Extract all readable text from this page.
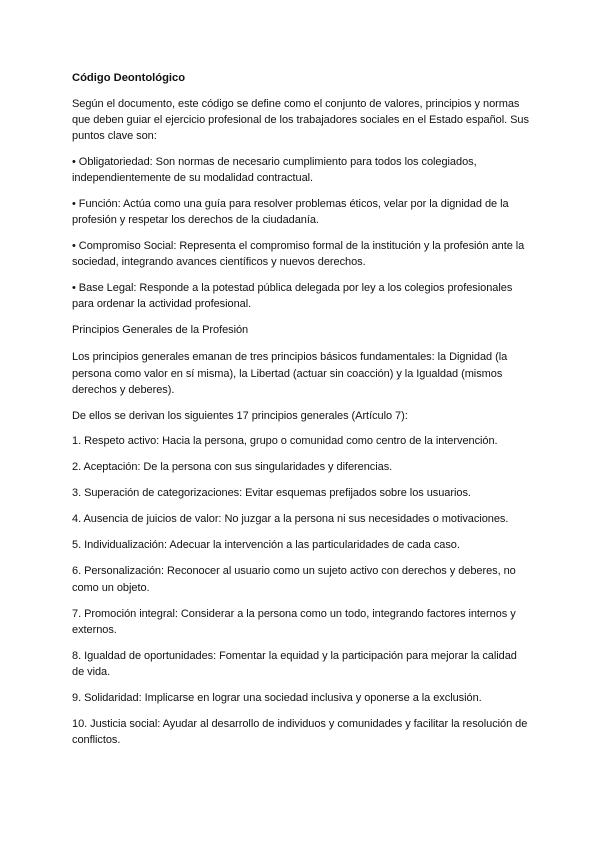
Código Deontológico

Según el documento, este código se define como el conjunto de valores, principios y normas que deben guiar el ejercicio profesional de los trabajadores sociales en el Estado español. Sus puntos clave son:

• Obligatoriedad: Son normas de necesario cumplimiento para todos los colegiados, independientemente de su modalidad contractual.

• Función: Actúa como una guía para resolver problemas éticos, velar por la dignidad de la profesión y respetar los derechos de la ciudadanía.

• Compromiso Social: Representa el compromiso formal de la institución y la profesión ante la sociedad, integrando avances científicos y nuevos derechos.

• Base Legal: Responde a la potestad pública delegada por ley a los colegios profesionales para ordenar la actividad profesional.

Principios Generales de la Profesión

Los principios generales emanan de tres principios básicos fundamentales: la Dignidad (la persona como valor en sí misma), la Libertad (actuar sin coacción) y la Igualdad (mismos derechos y deberes).

De ellos se derivan los siguientes 17 principios generales (Artículo 7):

1. Respeto activo: Hacia la persona, grupo o comunidad como centro de la intervención.
2. Aceptación: De la persona con sus singularidades y diferencias.
3. Superación de categorizaciones: Evitar esquemas prefijados sobre los usuarios.
4. Ausencia de juicios de valor: No juzgar a la persona ni sus necesidades o motivaciones.
5. Individualización: Adecuar la intervención a las particularidades de cada caso.
6. Personalización: Reconocer al usuario como un sujeto activo con derechos y deberes, no como un objeto.
7. Promoción integral: Considerar a la persona como un todo, integrando factores internos y externos.
8. Igualdad de oportunidades: Fomentar la equidad y la participación para mejorar la calidad de vida.
9. Solidaridad: Implicarse en lograr una sociedad inclusiva y oponerse a la exclusión.
10. Justicia social: Ayudar al desarrollo de individuos y comunidades y facilitar la resolución de conflictos.
